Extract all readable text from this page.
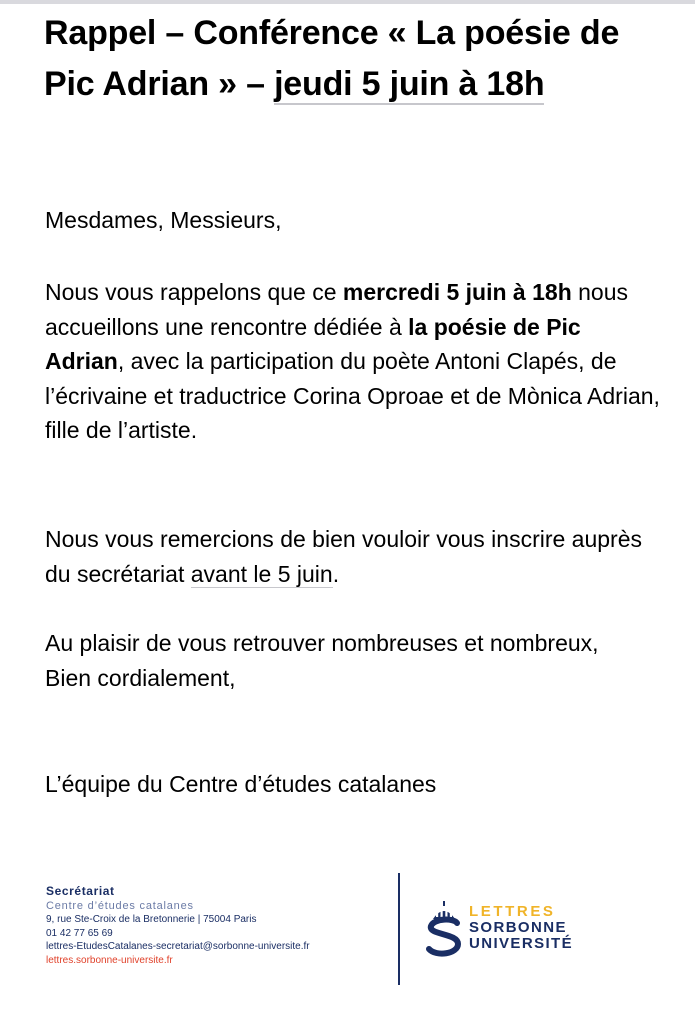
Rappel – Conférence « La poésie de Pic Adrian » – jeudi 5 juin à 18h
Mesdames, Messieurs,
Nous vous rappelons que ce mercredi 5 juin à 18h nous accueillons une rencontre dédiée à la poésie de Pic Adrian, avec la participation du poète Antoni Clapés, de l’écrivaine et traductrice Corina Oproae et de Mònica Adrian, fille de l’artiste.
Nous vous remercions de bien vouloir vous inscrire auprès du secrétariat avant le 5 juin.
Au plaisir de vous retrouver nombreuses et nombreux,
Bien cordialement,
L’équipe du Centre d’études catalanes
Secrétariat
Centre d’études catalanes
9, rue Ste-Croix de la Bretonnerie | 75004 Paris
01 42 77 65 69
lettres-EtudesCatalanes-secretariat@sorbonne-universite.fr
lettres.sorbonne-universite.fr
LETTRES
SORBONNE
UNIVERSITÉ
